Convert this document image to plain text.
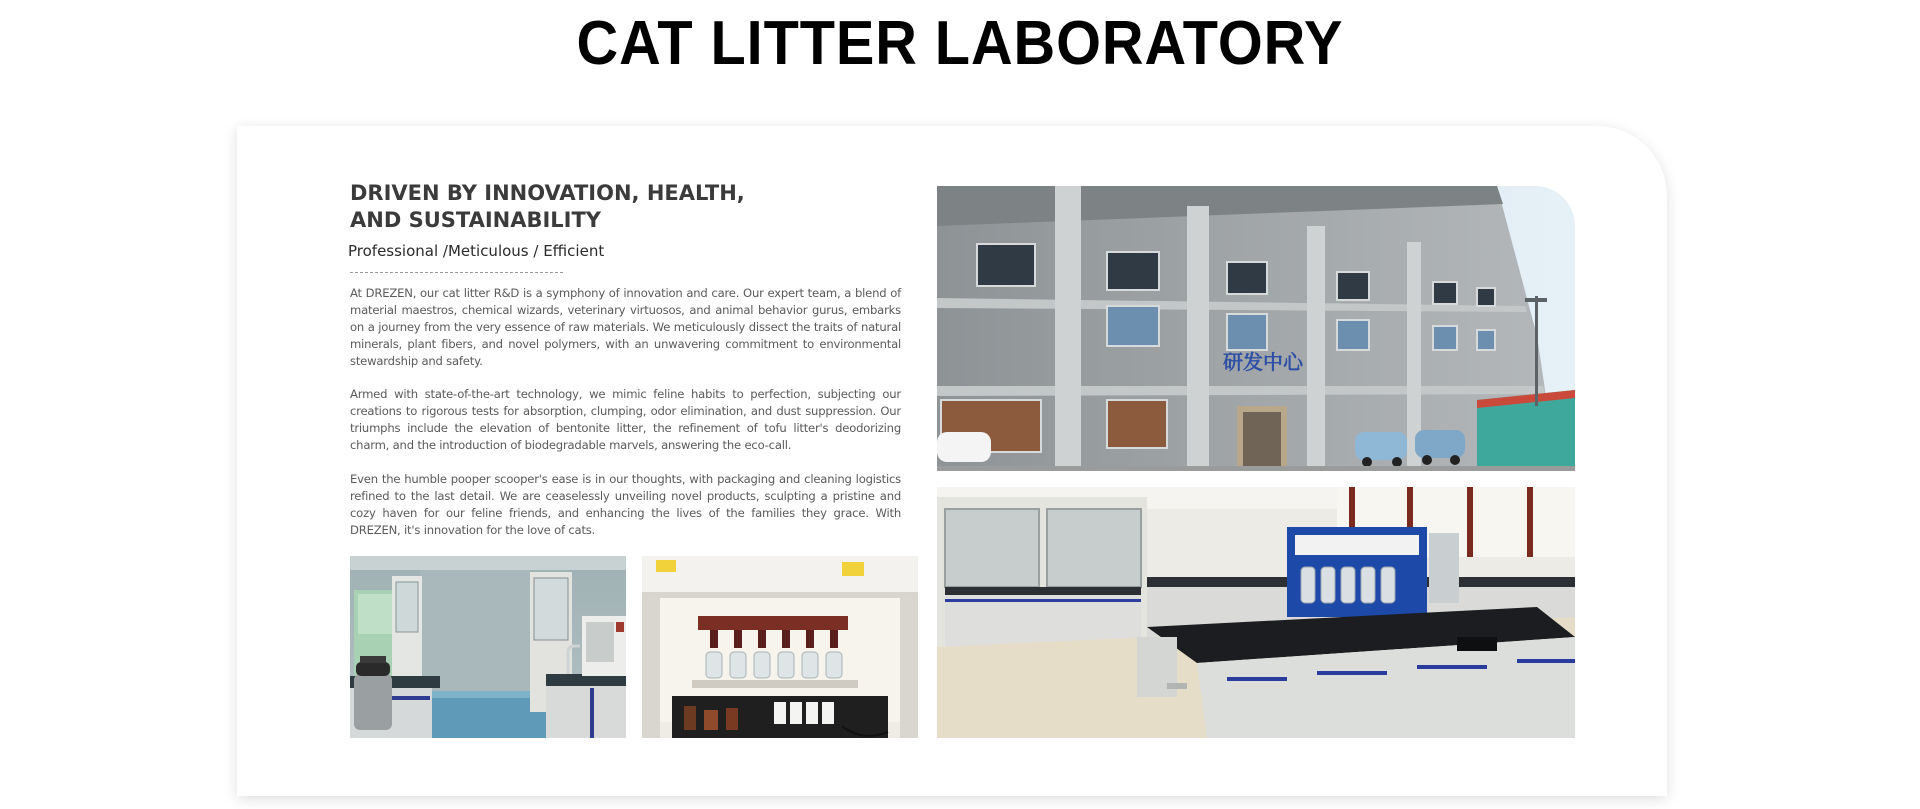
CAT LITTER LABORATORY
DRIVEN BY INNOVATION, HEALTH,
AND SUSTAINABILITY

Professional /Meticulous / Efficient

At DREZEN, our cat litter R&D is a symphony of innovation and care. Our expert team, a blend of material maestros, chemical wizards, veterinary virtuosos, and animal behavior gurus, embarks on a journey from the very essence of raw materials. We meticulously dissect the traits of natural minerals, plant fibers, and novel polymers, with an unwavering commitment to environmental stewardship and safety.

Armed with state-of-the-art technology, we mimic feline habits to perfection, subjecting our creations to rigorous tests for absorption, clumping, odor elimination, and dust suppression. Our triumphs include the elevation of bentonite litter, the refinement of tofu litter's deodorizing charm, and the introduction of biodegradable marvels, answering the eco-call.

Even the humble pooper scooper's ease is in our thoughts, with packaging and cleaning logistics refined to the last detail. We are ceaselessly unveiling novel products, sculpting a pristine and cozy haven for our feline friends, and enhancing the lives of the families they grace. With DREZEN, it's innovation for the love of cats.

研发中心
